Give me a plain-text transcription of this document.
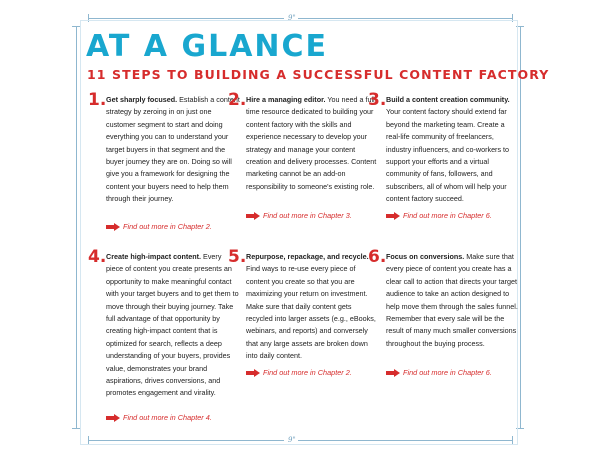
9"
9"
AT A GLANCE
11 STEPS TO BUILDING A SUCCESSFUL CONTENT FACTORY
1. Get sharply focused. Establish a content strategy by zeroing in on just one customer segment to start and doing everything you can to understand your target buyers in that segment and the buyer journey they are on. Doing so will give you a framework for designing the content your buyers need to help them through their journey.
Find out more in Chapter 2.
2. Hire a managing editor. You need a full-time resource dedicated to building your content factory with the skills and experience necessary to develop your strategy and manage your content creation and delivery processes. Content marketing cannot be an add-on responsibility to someone's existing role.
Find out more in Chapter 3.
3. Build a content creation community. Your content factory should extend far beyond the marketing team. Create a real-life community of freelancers, industry influencers, and co-workers to support your efforts and a virtual community of fans, followers, and subscribers, all of whom will help your content factory succeed.
Find out more in Chapter 6.
4. Create high-impact content. Every piece of content you create presents an opportunity to make meaningful contact with your target buyers and to get them to move through their buying journey. Take full advantage of that opportunity by creating high-impact content that is optimized for search, reflects a deep understanding of your buyers, provides value, demonstrates your brand aspirations, drives conversions, and promotes engagement and virality.
Find out more in Chapter 4.
5. Repurpose, repackage, and recycle. Find ways to re-use every piece of content you create so that you are maximizing your return on investment. Make sure that daily content gets recycled into larger assets (e.g., eBooks, webinars, and reports) and conversely that any large assets are broken down into daily content.
Find out more in Chapter 2.
6. Focus on conversions. Make sure that every piece of content you create has a clear call to action that directs your target audience to take an action designed to help move them through the sales funnel. Remember that every sale will be the result of many much smaller conversions throughout the buying process.
Find out more in Chapter 6.
